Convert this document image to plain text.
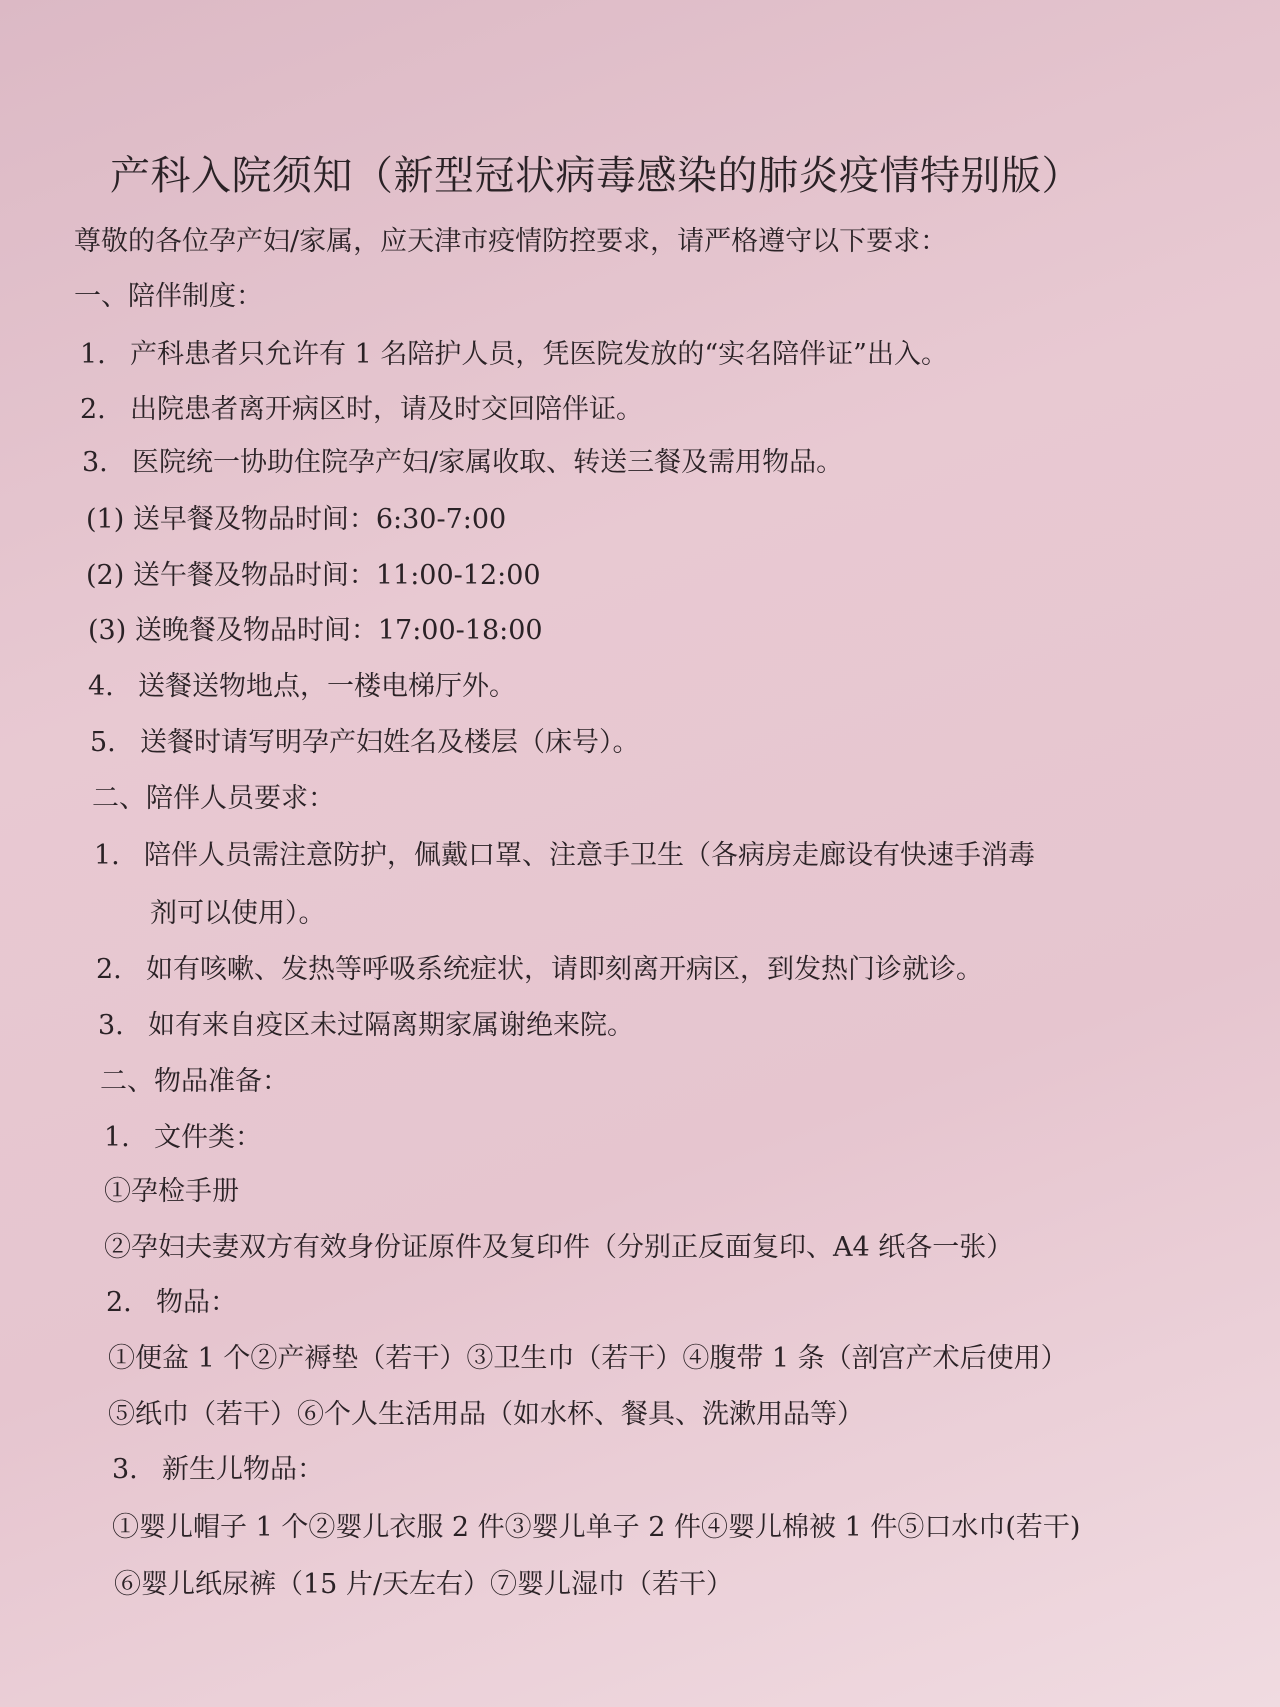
产科入院须知（新型冠状病毒感染的肺炎疫情特别版）
尊敬的各位孕产妇/家属，应天津市疫情防控要求，请严格遵守以下要求：
一、陪伴制度：
1. 产科患者只允许有 1 名陪护人员，凭医院发放的“实名陪伴证”出入。
2. 出院患者离开病区时，请及时交回陪伴证。
3. 医院统一协助住院孕产妇/家属收取、转送三餐及需用物品。
(1) 送早餐及物品时间：6:30-7:00
(2) 送午餐及物品时间：11:00-12:00
(3) 送晚餐及物品时间：17:00-18:00
4. 送餐送物地点，一楼电梯厅外。
5. 送餐时请写明孕产妇姓名及楼层（床号）。
二、陪伴人员要求：
1. 陪伴人员需注意防护，佩戴口罩、注意手卫生（各病房走廊设有快速手消毒
剂可以使用）。
2. 如有咳嗽、发热等呼吸系统症状，请即刻离开病区，到发热门诊就诊。
3. 如有来自疫区未过隔离期家属谢绝来院。
二、物品准备：
1. 文件类：
①孕检手册
②孕妇夫妻双方有效身份证原件及复印件（分别正反面复印、A4 纸各一张）
2. 物品：
①便盆 1 个②产褥垫（若干）③卫生巾（若干）④腹带 1 条（剖宫产术后使用）
⑤纸巾（若干）⑥个人生活用品（如水杯、餐具、洗漱用品等）
3. 新生儿物品：
①婴儿帽子 1 个②婴儿衣服 2 件③婴儿单子 2 件④婴儿棉被 1 件⑤口水巾(若干)
⑥婴儿纸尿裤（15 片/天左右）⑦婴儿湿巾（若干）
